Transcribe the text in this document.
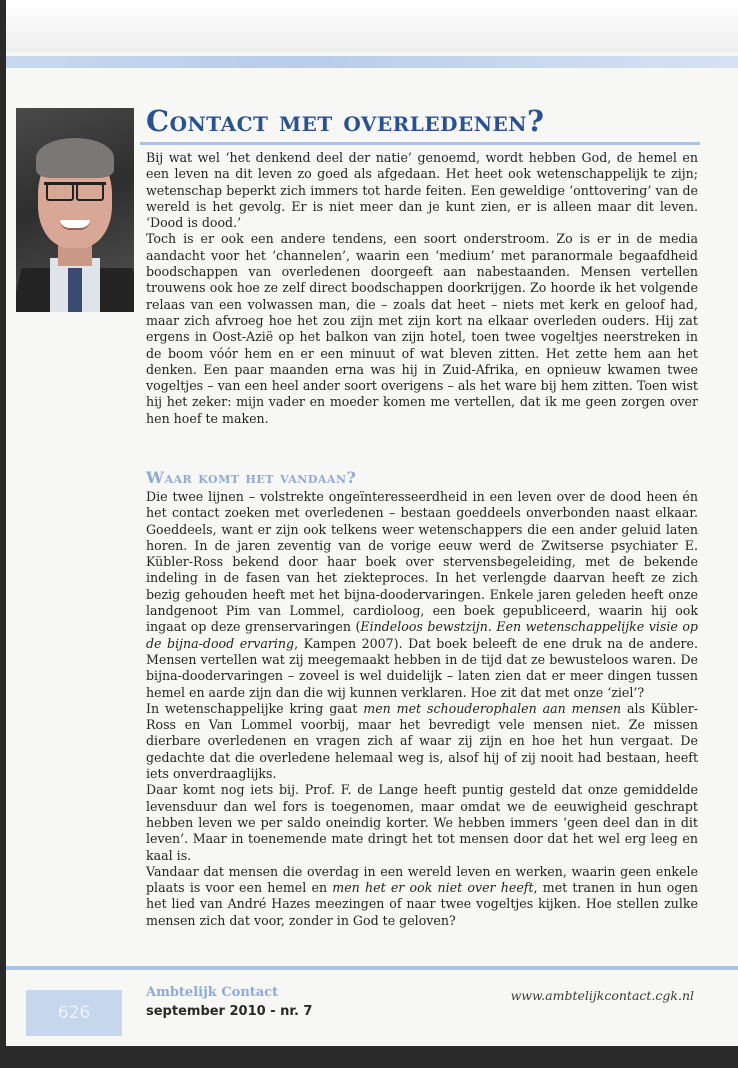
Contact met overledenen?

Bij wat wel ‘het denkend deel der natie’ genoemd, wordt hebben God, de hemel en een leven na dit leven zo goed als afgedaan. Het heet ook wetenschappelijk te zijn; wetenschap beperkt zich immers tot harde feiten. Een geweldige ‘onttovering’ van de wereld is het gevolg. Er is niet meer dan je kunt zien, er is alleen maar dit leven. ‘Dood is dood.’

Toch is er ook een andere tendens, een soort onderstroom. Zo is er in de media aandacht voor het ‘channelen’, waarin een ‘medium’ met paranormale begaafdheid boodschappen van overledenen doorgeeft aan nabestaanden. Mensen vertellen trouwens ook hoe ze zelf direct boodschappen doorkrijgen. Zo hoorde ik het volgende relaas van een volwassen man, die – zoals dat heet – niets met kerk en geloof had, maar zich afvroeg hoe het zou zijn met zijn kort na elkaar overleden ouders. Hij zat ergens in Oost-Azië op het balkon van zijn hotel, toen twee vogeltjes neerstreken in de boom vóór hem en er een minuut of wat bleven zitten. Het zette hem aan het denken. Een paar maanden erna was hij in Zuid-Afrika, en opnieuw kwamen twee vogeltjes – van een heel ander soort overigens – als het ware bij hem zitten. Toen wist hij het zeker: mijn vader en moeder komen me vertellen, dat ik me geen zorgen over hen hoef te maken.

Waar komt het vandaan?

Die twee lijnen – volstrekte ongeïnteresseerdheid in een leven over de dood heen én het contact zoeken met overledenen – bestaan goeddeels onverbonden naast elkaar. Goeddeels, want er zijn ook telkens weer wetenschappers die een ander geluid laten horen. In de jaren zeventig van de vorige eeuw werd de Zwitserse psychiater E. Kübler-Ross bekend door haar boek over stervensbegeleiding, met de bekende indeling in de fasen van het ziekteproces. In het verlengde daarvan heeft ze zich bezig gehouden heeft met het bijna-doodervaringen. Enkele jaren geleden heeft onze landgenoot Pim van Lommel, cardioloog, een boek gepubliceerd, waarin hij ook ingaat op deze grenservaringen (Eindeloos bewstzijn. Een wetenschappelijke visie op de bijna-dood ervaring, Kampen 2007). Dat boek beleeft de ene druk na de andere. Mensen vertellen wat zij meegemaakt hebben in de tijd dat ze bewusteloos waren. De bijna-doodervaringen – zoveel is wel duidelijk – laten zien dat er meer dingen tussen hemel en aarde zijn dan die wij kunnen verklaren. Hoe zit dat met onze ‘ziel’?

In wetenschappelijke kring gaat men met schouderophalen aan mensen als Kübler-Ross en Van Lommel voorbij, maar het bevredigt vele mensen niet. Ze missen dierbare overledenen en vragen zich af waar zij zijn en hoe het hun vergaat. De gedachte dat die overledene helemaal weg is, alsof hij of zij nooit had bestaan, heeft iets onverdraaglijks.

Daar komt nog iets bij. Prof. F. de Lange heeft puntig gesteld dat onze gemiddelde levensduur dan wel fors is toegenomen, maar omdat we de eeuwigheid geschrapt hebben leven we per saldo oneindig korter. We hebben immers ‘geen deel dan in dit leven’. Maar in toenemende mate dringt het tot mensen door dat het wel erg leeg en kaal is.

Vandaar dat mensen die overdag in een wereld leven en werken, waarin geen enkele plaats is voor een hemel en men het er ook niet over heeft, met tranen in hun ogen het lied van André Hazes meezingen of naar twee vogeltjes kijken. Hoe stellen zulke mensen zich dat voor, zonder in God te geloven?

626

Ambtelijk Contact

september 2010 - nr. 7

www.ambtelijkcontact.cgk.nl
